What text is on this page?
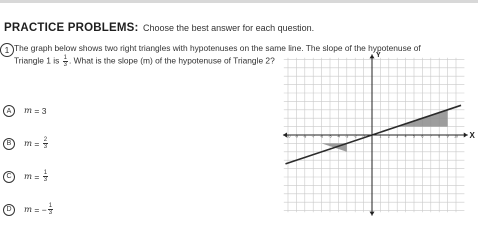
PRACTICE PROBLEMS: Choose the best answer for each question.
1 The graph below shows two right triangles with hypotenuses on the same line. The slope of the hypotenuse of
Triangle 1 is $\frac{1}{3}$ . What is the slope (m) of the hypotenuse of Triangle 2?
A	m = 3
B	$m = \frac{2}{3}$
C	$m = \frac{1}{3}$
D	m = − $\frac{1}{3}$
Y
X
-10 -9 -8 -7 -6 -5 -4 -3 -2 -1	1 2 3 4 5 6 7 8 9 10
